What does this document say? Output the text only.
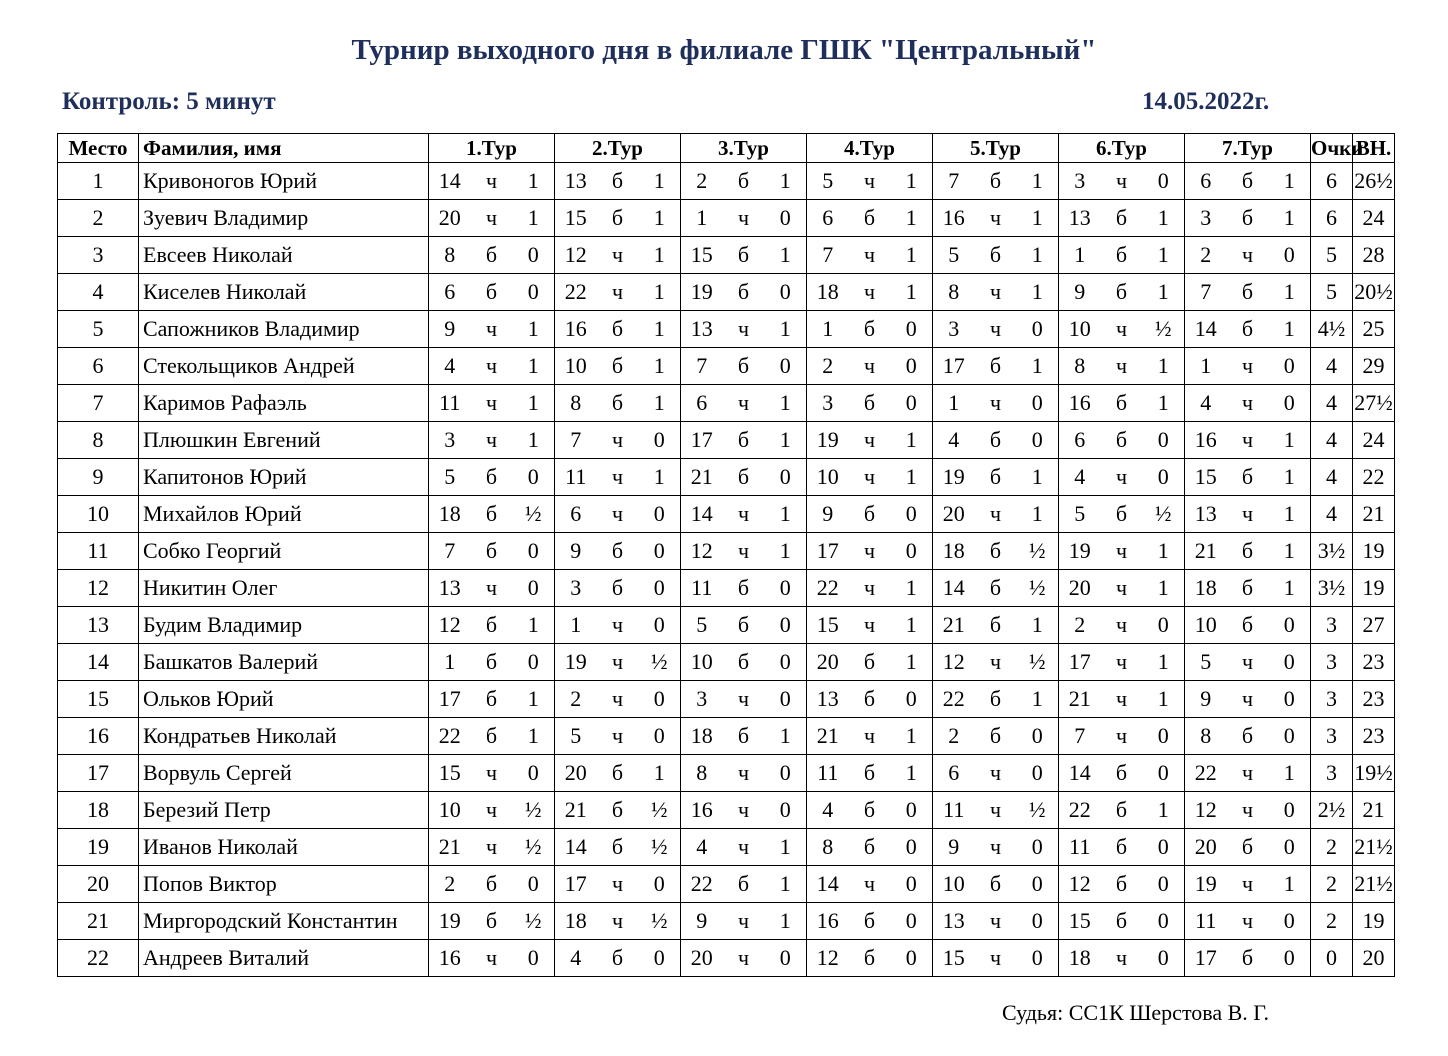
Турнир выходного дня в филиале ГШК "Центральный"
Контроль: 5 минут	14.05.2022г.
Место	Фамилия, имя	1.Тур			2.Тур			3.Тур			4.Тур			5.Тур			6.Тур			7.Тур			Очки	ВН.
1	Кривоногов Юрий	14	ч	1	13	б	1	2	б	1	5	ч	1	7	б	1	3	ч	0	6	б	1	6	26½
2	Зуевич Владимир	20	ч	1	15	б	1	1	ч	0	6	б	1	16	ч	1	13	б	1	3	б	1	6	24
3	Евсеев Николай	8	б	0	12	ч	1	15	б	1	7	ч	1	5	б	1	1	б	1	2	ч	0	5	28
4	Киселев Николай	6	б	0	22	ч	1	19	б	0	18	ч	1	8	ч	1	9	б	1	7	б	1	5	20½
5	Сапожников Владимир	9	ч	1	16	б	1	13	ч	1	1	б	0	3	ч	0	10	ч	½	14	б	1	4½	25
6	Стекольщиков Андрей	4	ч	1	10	б	1	7	б	0	2	ч	0	17	б	1	8	ч	1	1	ч	0	4	29
7	Каримов Рафаэль	11	ч	1	8	б	1	6	ч	1	3	б	0	1	ч	0	16	б	1	4	ч	0	4	27½
8	Плюшкин Евгений	3	ч	1	7	ч	0	17	б	1	19	ч	1	4	б	0	6	б	0	16	ч	1	4	24
9	Капитонов Юрий	5	б	0	11	ч	1	21	б	0	10	ч	1	19	б	1	4	ч	0	15	б	1	4	22
10	Михайлов Юрий	18	б	½	6	ч	0	14	ч	1	9	б	0	20	ч	1	5	б	½	13	ч	1	4	21
11	Собко Георгий	7	б	0	9	б	0	12	ч	1	17	ч	0	18	б	½	19	ч	1	21	б	1	3½	19
12	Никитин Олег	13	ч	0	3	б	0	11	б	0	22	ч	1	14	б	½	20	ч	1	18	б	1	3½	19
13	Будим Владимир	12	б	1	1	ч	0	5	б	0	15	ч	1	21	б	1	2	ч	0	10	б	0	3	27
14	Башкатов Валерий	1	б	0	19	ч	½	10	б	0	20	б	1	12	ч	½	17	ч	1	5	ч	0	3	23
15	Ольков Юрий	17	б	1	2	ч	0	3	ч	0	13	б	0	22	б	1	21	ч	1	9	ч	0	3	23
16	Кондратьев Николай	22	б	1	5	ч	0	18	б	1	21	ч	1	2	б	0	7	ч	0	8	б	0	3	23
17	Ворвуль Сергей	15	ч	0	20	б	1	8	ч	0	11	б	1	6	ч	0	14	б	0	22	ч	1	3	19½
18	Березий Петр	10	ч	½	21	б	½	16	ч	0	4	б	0	11	ч	½	22	б	1	12	ч	0	2½	21
19	Иванов Николай	21	ч	½	14	б	½	4	ч	1	8	б	0	9	ч	0	11	б	0	20	б	0	2	21½
20	Попов Виктор	2	б	0	17	ч	0	22	б	1	14	ч	0	10	б	0	12	б	0	19	ч	1	2	21½
21	Миргородский Константин	19	б	½	18	ч	½	9	ч	1	16	б	0	13	ч	0	15	б	0	11	ч	0	2	19
22	Андреев Виталий	16	ч	0	4	б	0	20	ч	0	12	б	0	15	ч	0	18	ч	0	17	б	0	0	20
Судья: СС1К Шерстова В. Г.
